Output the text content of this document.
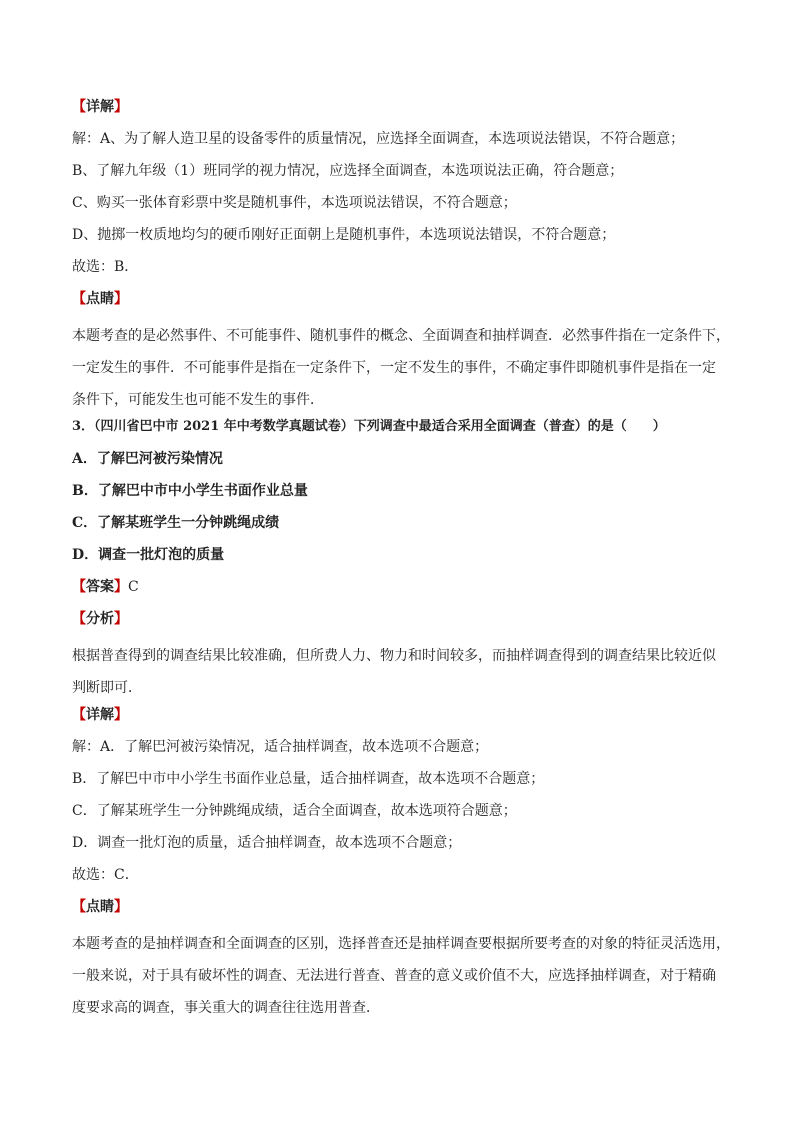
【详解】
解：A、为了解人造卫星的设备零件的质量情况，应选择全面调查，本选项说法错误，不符合题意；
B、了解九年级（1）班同学的视力情况，应选择全面调查，本选项说法正确，符合题意；
C、购买一张体育彩票中奖是随机事件，本选项说法错误，不符合题意；
D、抛掷一枚质地均匀的硬币刚好正面朝上是随机事件，本选项说法错误，不符合题意；
故选：B．
【点睛】
本题考查的是必然事件、不可能事件、随机事件的概念、全面调查和抽样调查．必然事件指在一定条件下，
一定发生的事件．不可能事件是指在一定条件下，一定不发生的事件，不确定事件即随机事件是指在一定
条件下，可能发生也可能不发生的事件．
3．（四川省巴中市 2021 年中考数学真题试卷）下列调查中最适合采用全面调查（普查）的是（　　）
A．了解巴河被污染情况
B．了解巴中市中小学生书面作业总量
C．了解某班学生一分钟跳绳成绩
D．调查一批灯泡的质量
【答案】C
【分析】
根据普查得到的调查结果比较准确，但所费人力、物力和时间较多，而抽样调查得到的调查结果比较近似
判断即可．
【详解】
解：A．了解巴河被污染情况，适合抽样调查，故本选项不合题意；
B．了解巴中市中小学生书面作业总量，适合抽样调查，故本选项不合题意；
C．了解某班学生一分钟跳绳成绩，适合全面调查，故本选项符合题意；
D．调查一批灯泡的质量，适合抽样调查，故本选项不合题意；
故选：C．
【点睛】
本题考查的是抽样调查和全面调查的区别，选择普查还是抽样调查要根据所要考查的对象的特征灵活选用，
一般来说，对于具有破坏性的调查、无法进行普查、普查的意义或价值不大，应选择抽样调查，对于精确
度要求高的调查，事关重大的调查往往选用普查．
